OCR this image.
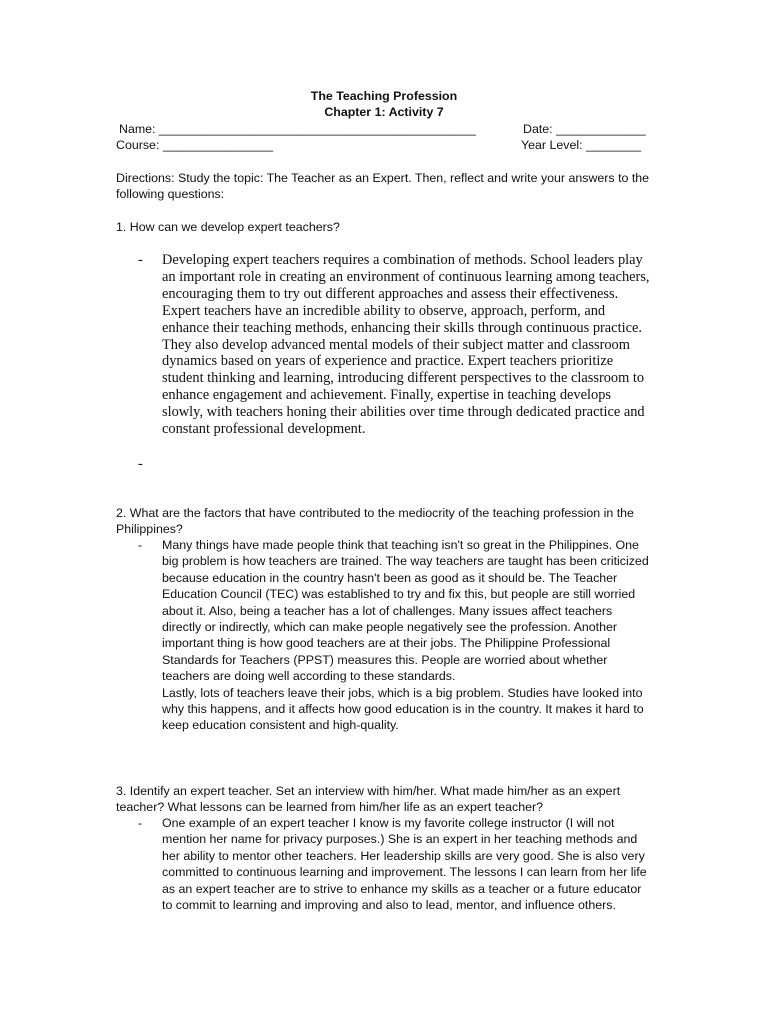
The Teaching Profession
Chapter 1: Activity 7
Name: ______________________________________________	Date: _____________
Course: ________________	Year Level: ________
Directions: Study the topic: The Teacher as an Expert. Then, reflect and write your answers to the following questions:
1. How can we develop expert teachers?
- Developing expert teachers requires a combination of methods. School leaders play an important role in creating an environment of continuous learning among teachers, encouraging them to try out different approaches and assess their effectiveness. Expert teachers have an incredible ability to observe, approach, perform, and enhance their teaching methods, enhancing their skills through continuous practice. They also develop advanced mental models of their subject matter and classroom dynamics based on years of experience and practice. Expert teachers prioritize student thinking and learning, introducing different perspectives to the classroom to enhance engagement and achievement. Finally, expertise in teaching develops slowly, with teachers honing their abilities over time through dedicated practice and constant professional development.
-
2. What are the factors that have contributed to the mediocrity of the teaching profession in the Philippines?
- Many things have made people think that teaching isn't so great in the Philippines. One big problem is how teachers are trained. The way teachers are taught has been criticized because education in the country hasn't been as good as it should be. The Teacher Education Council (TEC) was established to try and fix this, but people are still worried about it. Also, being a teacher has a lot of challenges. Many issues affect teachers directly or indirectly, which can make people negatively see the profession. Another important thing is how good teachers are at their jobs. The Philippine Professional Standards for Teachers (PPST) measures this. People are worried about whether teachers are doing well according to these standards.

Lastly, lots of teachers leave their jobs, which is a big problem. Studies have looked into why this happens, and it affects how good education is in the country. It makes it hard to keep education consistent and high-quality.

3. Identify an expert teacher. Set an interview with him/her. What made him/her as an expert teacher? What lessons can be learned from him/her life as an expert teacher?
- One example of an expert teacher I know is my favorite college instructor (I will not mention her name for privacy purposes.) She is an expert in her teaching methods and her ability to mentor other teachers. Her leadership skills are very good. She is also very committed to continuous learning and improvement. The lessons I can learn from her life as an expert teacher are to strive to enhance my skills as a teacher or a future educator to commit to learning and improving and also to lead, mentor, and influence others.
